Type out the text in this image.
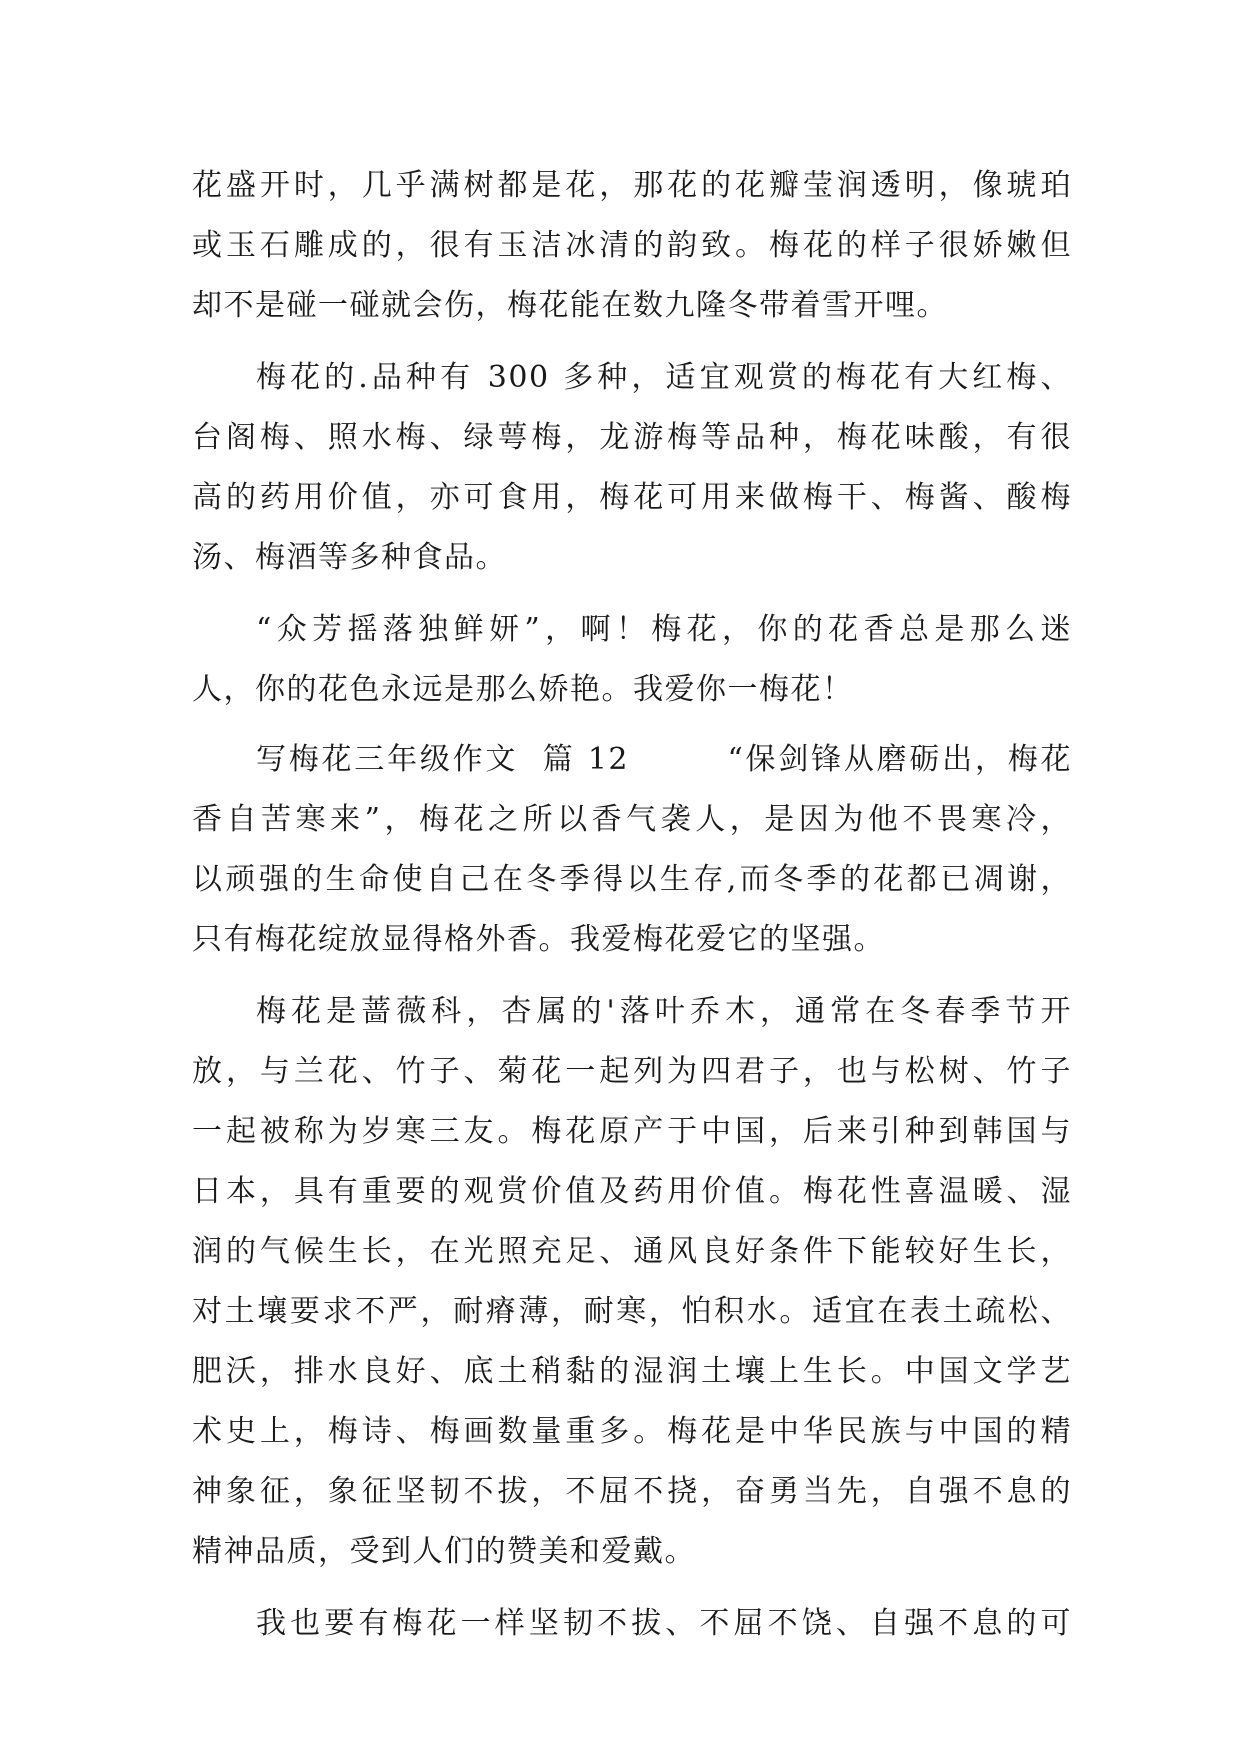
花盛开时，几乎满树都是花，那花的花瓣莹润透明，像琥珀
或玉石雕成的，很有玉洁冰清的韵致。梅花的样子很娇嫩但
却不是碰一碰就会伤，梅花能在数九隆冬带着雪开哩。
梅花的.品种有 300 多种，适宜观赏的梅花有大红梅、
台阁梅、照水梅、绿萼梅，龙游梅等品种，梅花味酸，有很
高的药用价值，亦可食用，梅花可用来做梅干、梅酱、酸梅
汤、梅酒等多种食品。
“众芳摇落独鲜妍”，啊！梅花，你的花香总是那么迷
人，你的花色永远是那么娇艳。我爱你一梅花！
写梅花三年级作文  篇 12        “保剑锋从磨砺出，梅花
香自苦寒来”，梅花之所以香气袭人，是因为他不畏寒冷，
以顽强的生命使自己在冬季得以生存,而冬季的花都已凋谢，
只有梅花绽放显得格外香。我爱梅花爱它的坚强。
梅花是蔷薇科，杏属的'落叶乔木，通常在冬春季节开
放，与兰花、竹子、菊花一起列为四君子，也与松树、竹子
一起被称为岁寒三友。梅花原产于中国，后来引种到韩国与
日本，具有重要的观赏价值及药用价值。梅花性喜温暖、湿
润的气候生长，在光照充足、通风良好条件下能较好生长，
对土壤要求不严，耐瘠薄，耐寒，怕积水。适宜在表土疏松、
肥沃，排水良好、底土稍黏的湿润土壤上生长。中国文学艺
术史上，梅诗、梅画数量重多。梅花是中华民族与中国的精
神象征，象征坚韧不拔，不屈不挠，奋勇当先，自强不息的
精神品质，受到人们的赞美和爱戴。
我也要有梅花一样坚韧不拔、不屈不饶、自强不息的可
